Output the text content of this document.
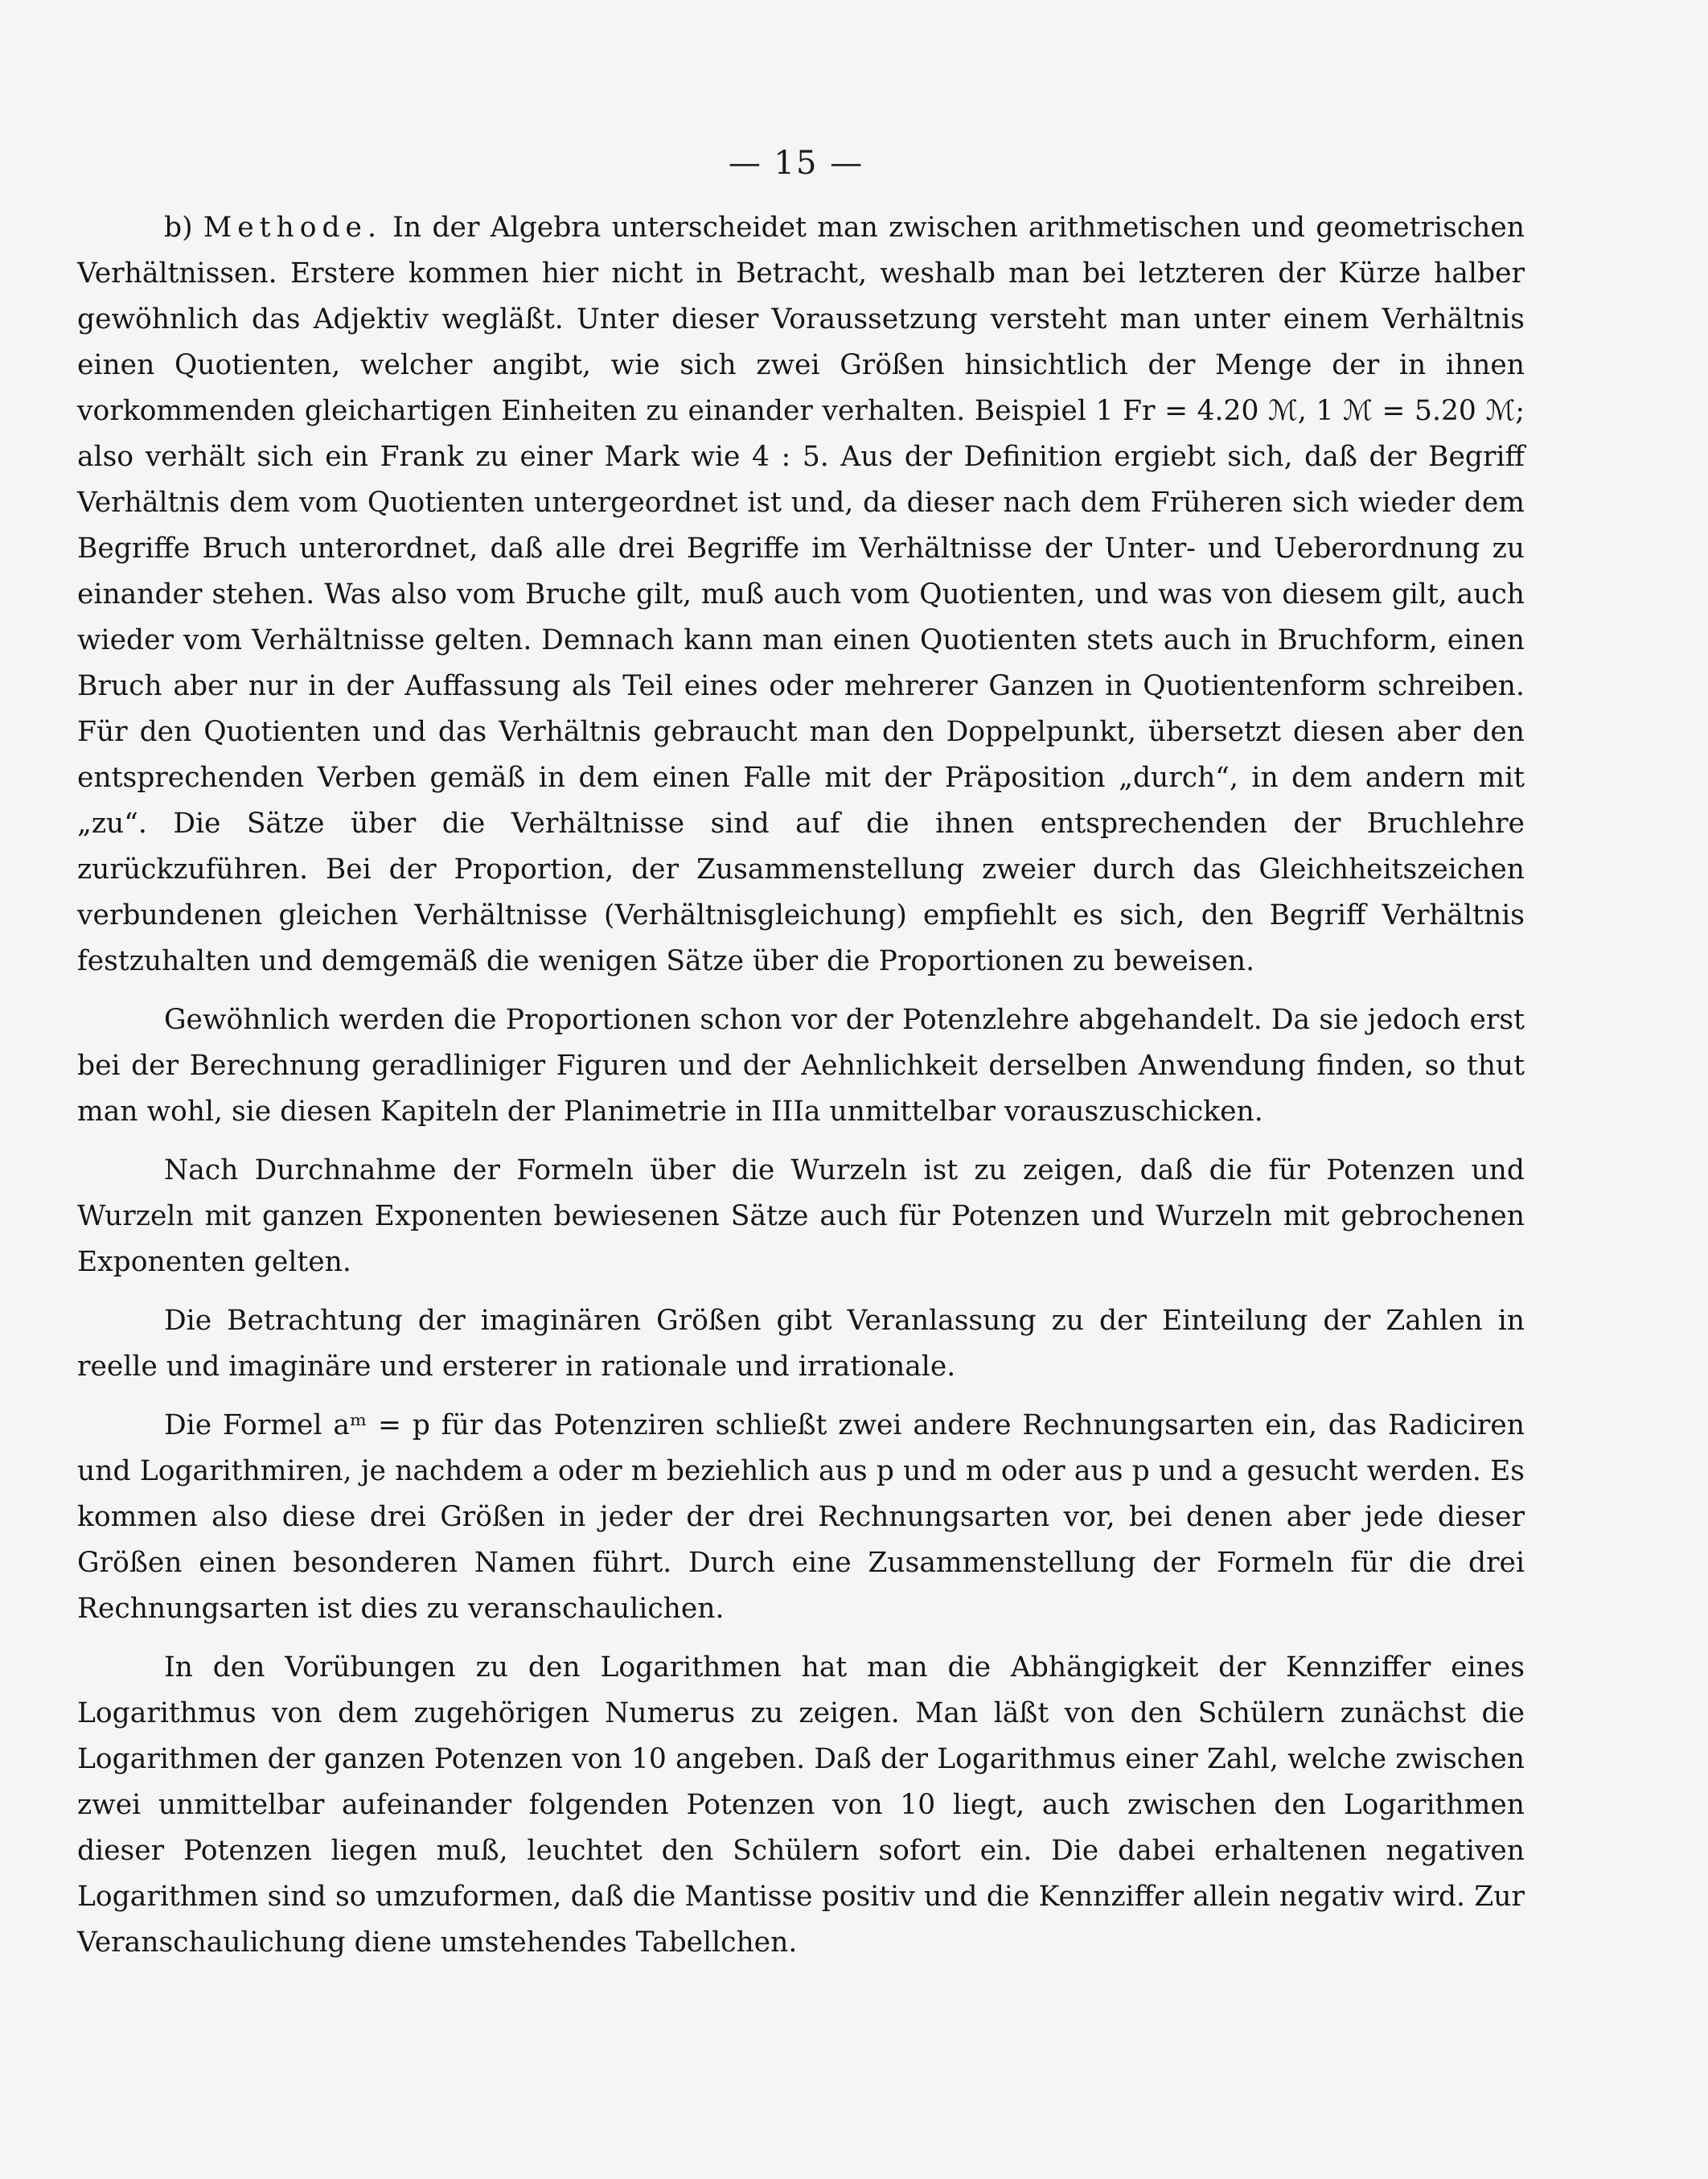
— 15 —

b) Methode. In der Algebra unterscheidet man zwischen arithmetischen und geometrischen Verhältnissen. Erstere kommen hier nicht in Betracht, weshalb man bei letzteren der Kürze halber gewöhnlich das Adjektiv wegläßt. Unter dieser Voraussetzung versteht man unter einem Verhältnis einen Quotienten, welcher angibt, wie sich zwei Größen hinsichtlich der Menge der in ihnen vorkommenden gleichartigen Einheiten zu einander verhalten. Beispiel 1 Fr = 4.20 ℳ, 1 ℳ = 5.20 ℳ; also verhält sich ein Frank zu einer Mark wie 4 : 5. Aus der Definition ergiebt sich, daß der Begriff Verhältnis dem vom Quotienten untergeordnet ist und, da dieser nach dem Früheren sich wieder dem Begriffe Bruch unterordnet, daß alle drei Begriffe im Verhältnisse der Unter- und Ueberordnung zu einander stehen. Was also vom Bruche gilt, muß auch vom Quotienten, und was von diesem gilt, auch wieder vom Verhältnisse gelten. Demnach kann man einen Quotienten stets auch in Bruchform, einen Bruch aber nur in der Auffassung als Teil eines oder mehrerer Ganzen in Quotientenform schreiben. Für den Quotienten und das Verhältnis gebraucht man den Doppelpunkt, übersetzt diesen aber den entsprechenden Verben gemäß in dem einen Falle mit der Präposition „durch“, in dem andern mit „zu“. Die Sätze über die Verhältnisse sind auf die ihnen entsprechenden der Bruchlehre zurückzuführen. Bei der Proportion, der Zusammenstellung zweier durch das Gleichheitszeichen verbundenen gleichen Verhältnisse (Verhältnisgleichung) empfiehlt es sich, den Begriff Verhältnis festzuhalten und demgemäß die wenigen Sätze über die Proportionen zu beweisen.

Gewöhnlich werden die Proportionen schon vor der Potenzlehre abgehandelt. Da sie jedoch erst bei der Berechnung geradliniger Figuren und der Aehnlichkeit derselben Anwendung finden, so thut man wohl, sie diesen Kapiteln der Planimetrie in IIIa unmittelbar vorauszuschicken.

Nach Durchnahme der Formeln über die Wurzeln ist zu zeigen, daß die für Potenzen und Wurzeln mit ganzen Exponenten bewiesenen Sätze auch für Potenzen und Wurzeln mit gebrochenen Exponenten gelten.

Die Betrachtung der imaginären Größen gibt Veranlassung zu der Einteilung der Zahlen in reelle und imaginäre und ersterer in rationale und irrationale.

Die Formel aᵐ = p für das Potenziren schließt zwei andere Rechnungsarten ein, das Radiciren und Logarithmiren, je nachdem a oder m beziehlich aus p und m oder aus p und a gesucht werden. Es kommen also diese drei Größen in jeder der drei Rechnungsarten vor, bei denen aber jede dieser Größen einen besonderen Namen führt. Durch eine Zusammenstellung der Formeln für die drei Rechnungsarten ist dies zu veranschaulichen.

In den Vorübungen zu den Logarithmen hat man die Abhängigkeit der Kennziffer eines Logarithmus von dem zugehörigen Numerus zu zeigen. Man läßt von den Schülern zunächst die Logarithmen der ganzen Potenzen von 10 angeben. Daß der Logarithmus einer Zahl, welche zwischen zwei unmittelbar aufeinander folgenden Potenzen von 10 liegt, auch zwischen den Logarithmen dieser Potenzen liegen muß, leuchtet den Schülern sofort ein. Die dabei erhaltenen negativen Logarithmen sind so umzuformen, daß die Mantisse positiv und die Kennziffer allein negativ wird. Zur Veranschaulichung diene umstehendes Tabellchen.
